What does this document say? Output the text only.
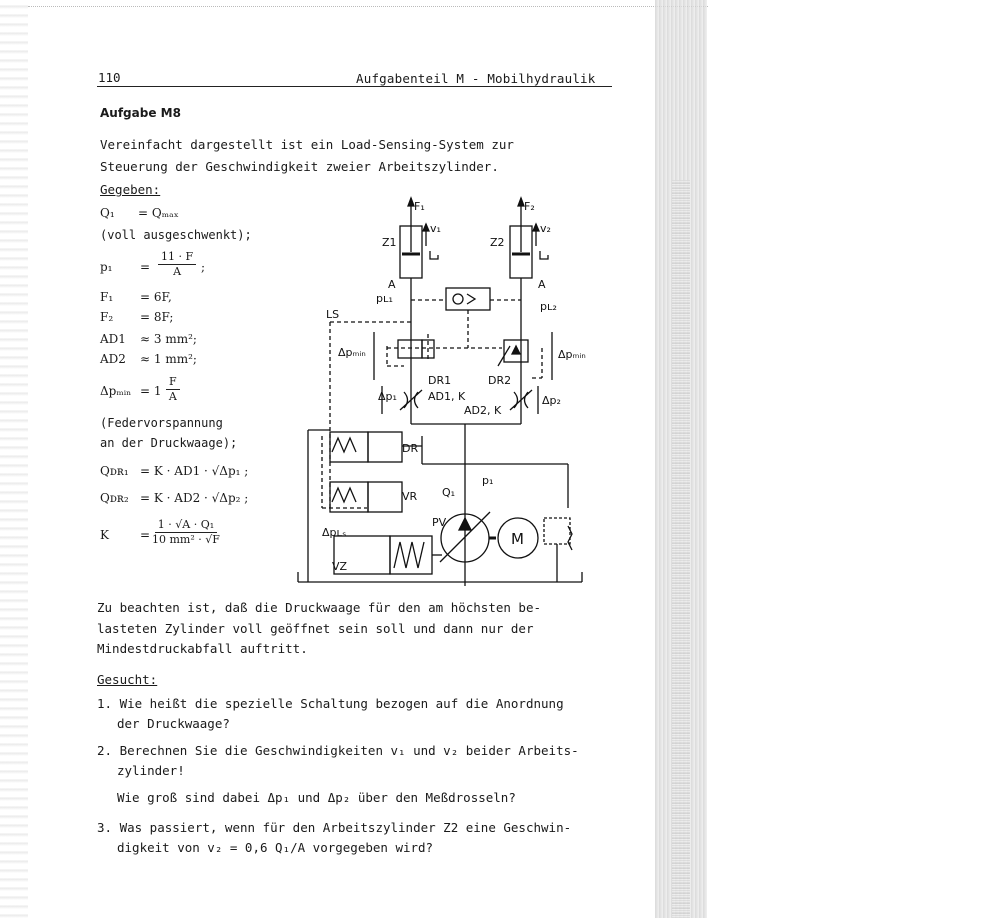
110	Aufgabenteil M - Mobilhydraulik
Aufgabe M8
Vereinfacht dargestellt ist ein Load-Sensing-System zur
Steuerung der Geschwindigkeit zweier Arbeitszylinder.
Gegeben:
Q₁ = Qₘₐₓ
(voll ausgeschwenkt);
$p_1 = \frac{11 \cdot F}{A}$ ;
F₁ = 6F,
F₂ = 8F;
AD1 ≈ 3 mm²;
AD2 ≈ 1 mm²;
Δpₘᵢₙ = $1 \frac{F}{A}$
(Federvorspannung
an der Druckwaage);
Qᴅʀ₁ = K · AD1 · √Δp₁ ;
Qᴅʀ₂ = K · AD2 · √Δp₂ ;
K	= $\frac{\text{1 · √A · Q₁}}{\text{10 mm² · √F}}$
F₁	F₂
v₁	v₂
Z1	Z2
A	A
pʟ₁
pʟ₂
LS
Δpₘᵢₙ	Δpₘᵢₙ
DR1	DR2
Δp₁	Δp₂
AD1, K
AD2, K
DR
VR
p₁
Q₁
PV
M
Δpʟₛ
VZ
Zu beachten ist, daß die Druckwaage für den am höchsten be-
lasteten Zylinder voll geöffnet sein soll und dann nur der
Mindestdruckabfall auftritt.
Gesucht:
1. Wie heißt die spezielle Schaltung bezogen auf die Anordnung
der Druckwaage?
2. Berechnen Sie die Geschwindigkeiten v₁ und v₂ beider Arbeits-
zylinder!
Wie groß sind dabei Δp₁ und Δp₂ über den Meßdrosseln?
3. Was passiert, wenn für den Arbeitszylinder Z2 eine Geschwin-
digkeit von v₂ = 0,6 Q₁/A vorgegeben wird?
